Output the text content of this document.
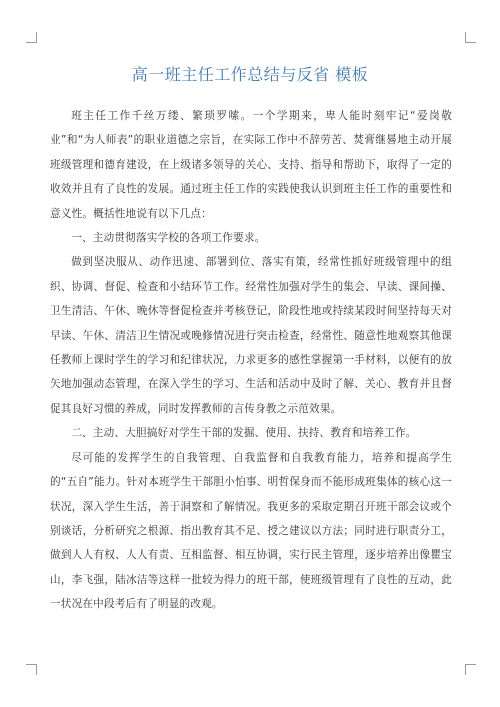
高一班主任工作总结与反省 模板

班主任工作千丝万缕、繁琐罗嗦。一个学期来，卑人能时刻牢记“爱岗敬业”和“为人师表”的职业道德之宗旨，在实际工作中不辞劳苦、焚膏继晷地主动开展班级管理和德育建设，在上级诸多领导的关心、支持、指导和帮助下，取得了一定的收效并且有了良性的发展。通过班主任工作的实践使我认识到班主任工作的重要性和意义性。概括性地说有以下几点：

一、主动贯彻落实学校的各项工作要求。

做到坚决服从、动作迅速、部署到位、落实有策，经常性抓好班级管理中的组织、协调、督促、检查和小结环节工作。经常性加强对学生的集会、早读、课间操、卫生清洁、午休、晚休等督促检查并考核登记，阶段性地或持续某段时间坚持每天对早读、午休、清洁卫生情况或晚修情况进行突击检查，经常性、随意性地观察其他课任教师上课时学生的学习和纪律状况，力求更多的感性掌握第一手材料，以便有的放矢地加强动态管理，在深入学生的学习、生活和活动中及时了解、关心、教育并且督促其良好习惯的养成，同时发挥教师的言传身教之示范效果。

二、主动、大胆搞好对学生干部的发掘、使用、扶持、教育和培养工作。

尽可能的发挥学生的自我管理、自我监督和自我教育能力，培养和提高学生的“五自”能力。针对本班学生干部胆小怕事、明哲保身而不能形成班集体的核心这一状况，深入学生生活，善于洞察和了解情况。我更多的采取定期召开班干部会议或个别谈话，分析研究之根源、指出教育其不足、授之建议以方法；同时进行职责分工，做到人人有权、人人有责、互相监督、相互协调，实行民主管理，逐步培养出像瞿宝山，李飞强，陆冰洁等这样一批较为得力的班干部，使班级管理有了良性的互动，此一状况在中段考后有了明显的改观。
